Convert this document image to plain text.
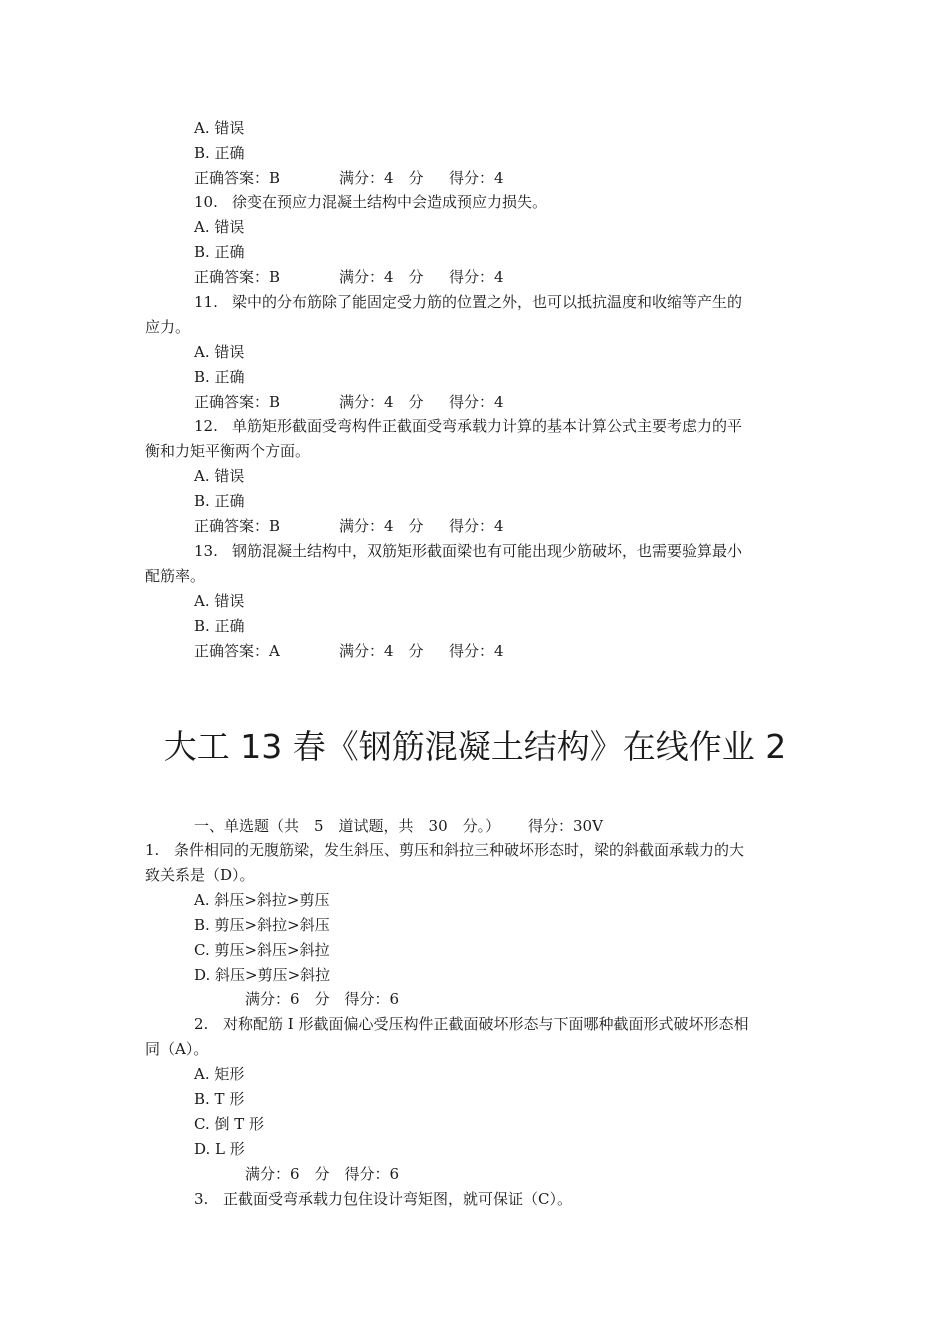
A. 错误
B. 正确
正确答案：B	满分：4　分 得分：4
10. 徐变在预应力混凝土结构中会造成预应力损失。
A. 错误
B. 正确
正确答案：B	满分：4　分 得分：4
11. 梁中的分布筋除了能固定受力筋的位置之外，也可以抵抗温度和收缩等产生的
应力。
A. 错误
B. 正确
正确答案：B	满分：4　分 得分：4
12. 单筋矩形截面受弯构件正截面受弯承载力计算的基本计算公式主要考虑力的平
衡和力矩平衡两个方面。
A. 错误
B. 正确
正确答案：B	满分：4　分 得分：4
13. 钢筋混凝土结构中，双筋矩形截面梁也有可能出现少筋破坏，也需要验算最小
配筋率。
A. 错误
B. 正确
正确答案：A	满分：4　分 得分：4
大工 13 春《钢筋混凝土结构》在线作业 2
一、单选题（共　5　道试题，共　30　分。） 得分：30V
1. 条件相同的无腹筋梁，发生斜压、剪压和斜拉三种破坏形态时，梁的斜截面承载力的大
致关系是（D）。
A. 斜压>斜拉>剪压
B. 剪压>斜拉>斜压
C. 剪压>斜压>斜拉
D. 斜压>剪压>斜拉
满分：6　分　得分：6
2. 对称配筋 I 形截面偏心受压构件正截面破坏形态与下面哪种截面形式破坏形态相
同（A）。
A. 矩形
B. T 形
C. 倒 T 形
D. L 形
满分：6　分　得分：6
3. 正截面受弯承载力包住设计弯矩图，就可保证（C）。
